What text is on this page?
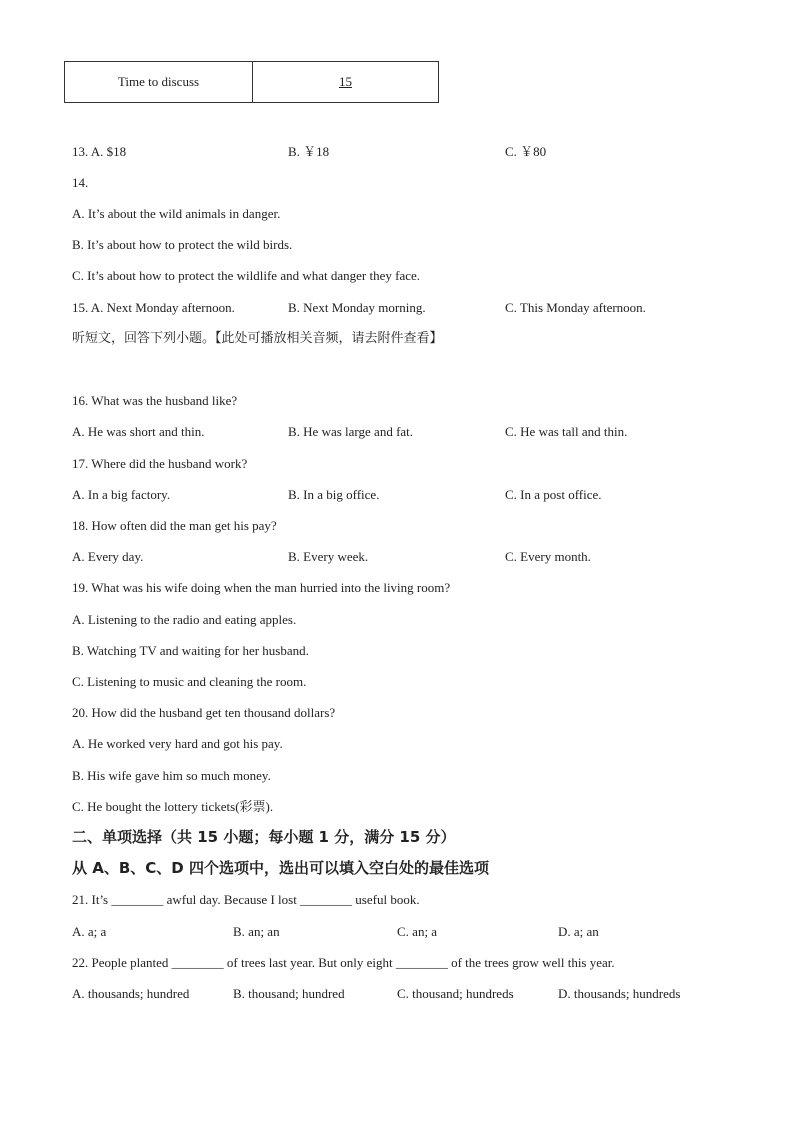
Time to discuss	15
13. A. $18	B. ￥18	C. ￥80
14.
A. It’s about the wild animals in danger.
B. It’s about how to protect the wild birds.
C. It’s about how to protect the wildlife and what danger they face.
15. A. Next Monday afternoon.	B. Next Monday morning.	C. This Monday afternoon.
听短文，回答下列小题。【此处可播放相关音频，请去附件查看】
16. What was the husband like?
A. He was short and thin.	B. He was large and fat.	C. He was tall and thin.
17. Where did the husband work?
A. In a big factory.	B. In a big office.	C. In a post office.
18. How often did the man get his pay?
A. Every day.	B. Every week.	C. Every month.
19. What was his wife doing when the man hurried into the living room?
A. Listening to the radio and eating apples.
B. Watching TV and waiting for her husband.
C. Listening to music and cleaning the room.
20. How did the husband get ten thousand dollars?
A. He worked very hard and got his pay.
B. His wife gave him so much money.
C. He bought the lottery tickets(彩票).
二、单项选择（共 15 小题；每小题 1 分，满分 15 分）
从 A、B、C、D 四个选项中，选出可以填入空白处的最佳选项
21. It’s ________ awful day. Because I lost ________ useful book.
A. a; a	B. an; an	C. an; a	D. a; an
22. People planted ________ of trees last year. But only eight ________ of the trees grow well this year.
A. thousands; hundred	B. thousand; hundred	C. thousand; hundreds	D. thousands; hundreds
